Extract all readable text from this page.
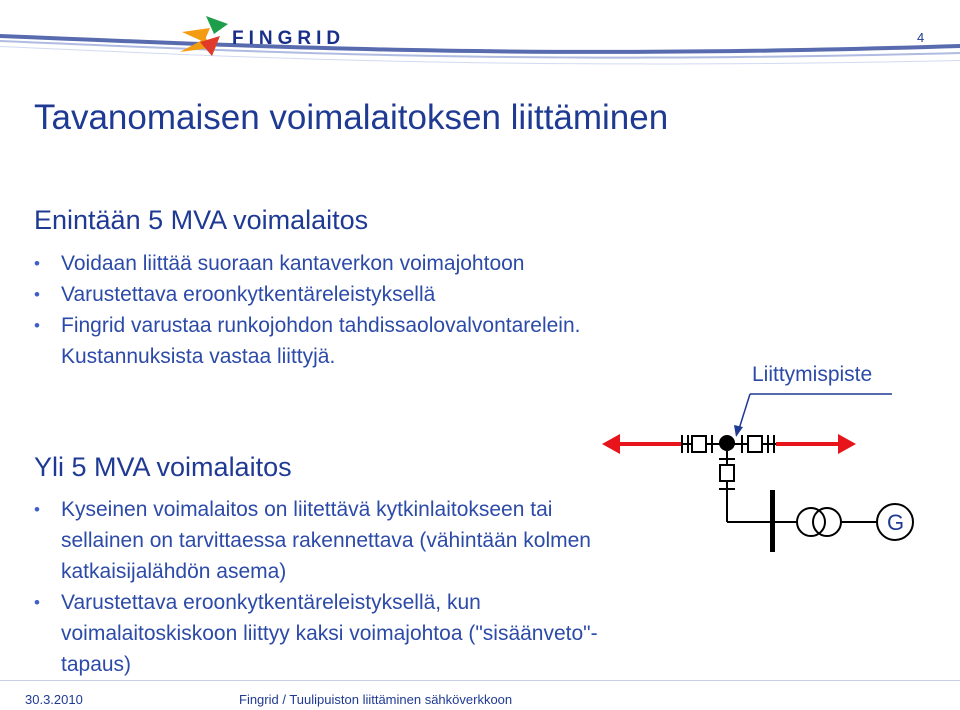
FINGRID	4
Tavanomaisen voimalaitoksen liittäminen
Enintään 5 MVA voimalaitos
• Voidaan liittää suoraan kantaverkon voimajohtoon
• Varustettava eroonkytkentäreleistyksellä
• Fingrid varustaa runkojohdon tahdissaolovalvontarelein. Kustannuksista vastaa liittyjä.
Yli 5 MVA voimalaitos
• Kyseinen voimalaitos on liitettävä kytkinlaitokseen tai sellainen on tarvittaessa rakennettava (vähintään kolmen katkaisijalähdön asema)
• Varustettava eroonkytkentäreleistyksellä, kun voimalaitoskiskoon liittyy kaksi voimajohtoa ("sisäänveto"-tapaus)
Liittymispiste
G
30.3.2010	Fingrid / Tuulipuiston liittäminen sähköverkkoon
